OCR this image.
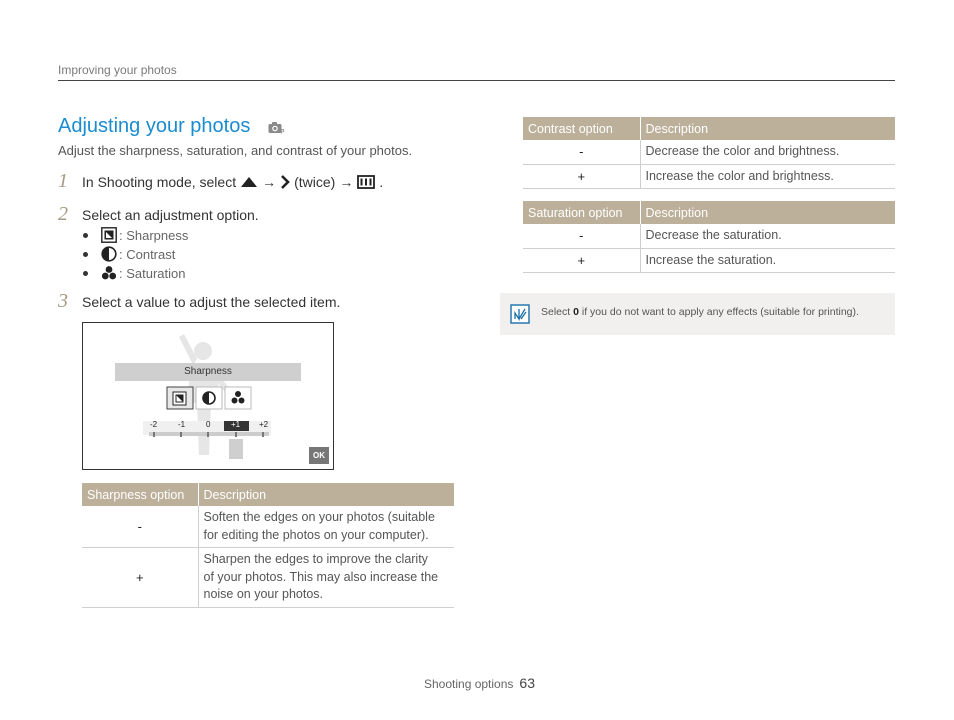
Improving your photos
Adjusting your photos	P

Adjust the sharpness, saturation, and contrast of your photos.

1 In Shooting mode, select → (twice) → .
2 Select an adjustment option.
: Sharpness
: Contrast
: Saturation
3 Select a value to adjust the selected item.
Sharpness
-2	-1	0	+1 +2
OK
Sharpness option	Description
-	Soften the edges on your photos (suitable
for editing the photos on your computer).

+	Sharpen the edges to improve the clarity
of your photos. This may also increase the
noise on your photos.
Contrast option	Description
-	Decrease the color and brightness.
+	Increase the color and brightness.
Saturation option	Description
-	Decrease the saturation.
+	Increase the saturation.
Select 0 if you do not want to apply any effects (suitable for printing).
Shooting options 63
